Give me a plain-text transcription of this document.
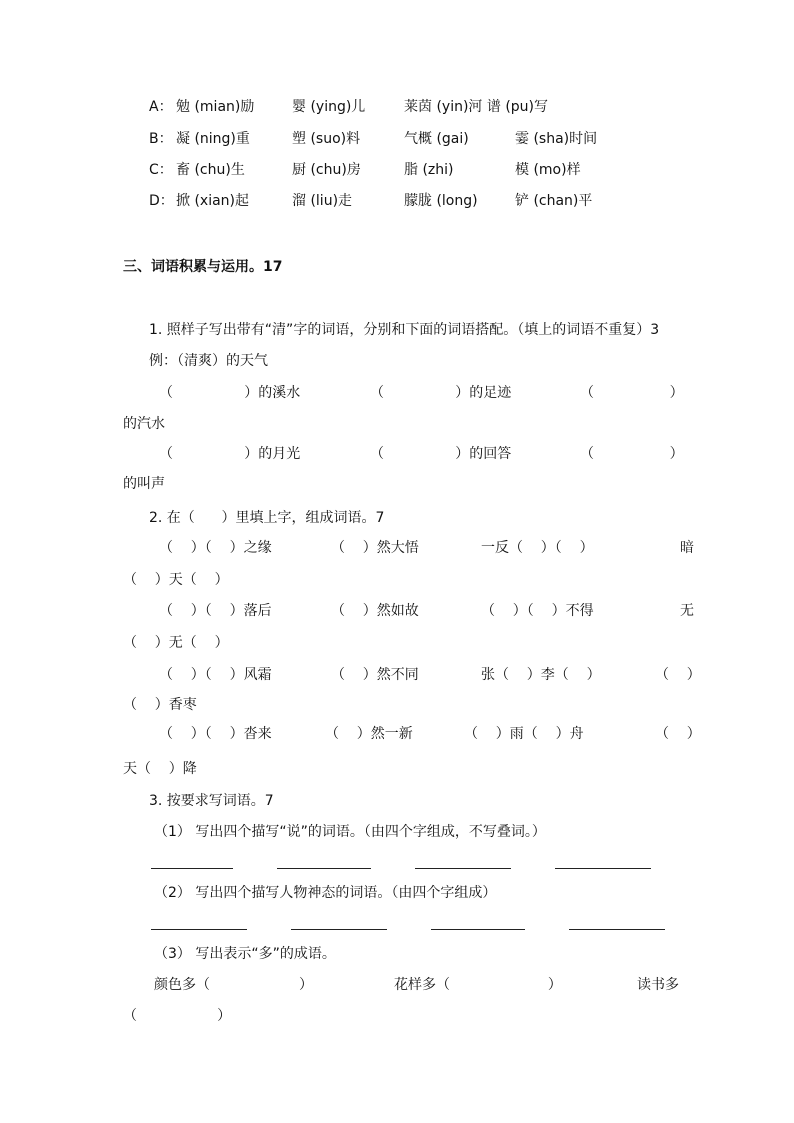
A： 勉 (mian)励	婴 (ying)儿	莱茵 (yin)河 谱 (pu)写
B： 凝 (ning)重	塑 (suo)料	气概 (gai)	霎 (sha)时间
C： 畜 (chu)生	厨 (chu)房	脂 (zhi)	模 (mo)样
D： 掀 (xian)起	溜 (liu)走	朦胧 (long)	铲 (chan)平
三、词语积累与运用。17
1. 照样子写出带有“清”字的词语，分别和下面的词语搭配。（填上的词语不重复）3
例：（清爽）的天气
（                ）的溪水	（                ）的足迹	（                 ）
的汽水
（                ）的月光	（                ）的回答	（                 ）
的叫声
2. 在（      ）里填上字，组成词语。7
（    ）（    ）之缘	（    ）然大悟	一反（    ）（    ）	暗
（    ）天（    ）
（    ）（    ）落后	（    ）然如故	（    ）（    ）不得	无
（    ）无（    ）
（    ）（    ）风霜	（    ）然不同	张（    ）李（    ）	（    ）
（    ）香枣
（    ）（    ）沓来	（    ）然一新	（    ）雨（    ）舟	（    ）
天（    ）降
3. 按要求写词语。7
（1） 写出四个描写“说”的词语。（由四个字组成，不写叠词。）
（2） 写出四个描写人物神态的词语。（由四个字组成）
（3） 写出表示“多”的成语。
颜色多（                    ）	花样多（                      ）	读书多
（                  ）
